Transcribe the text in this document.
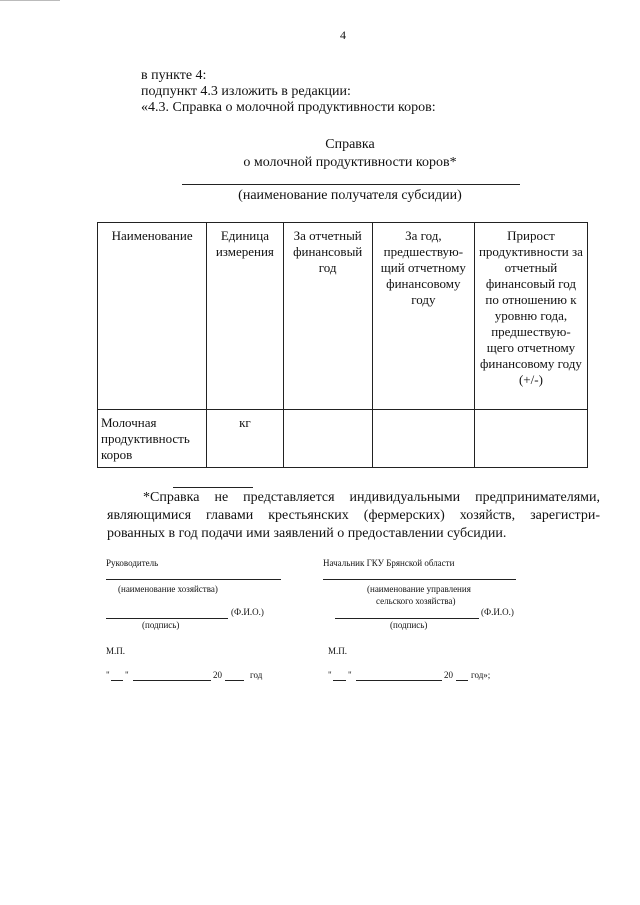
4
в пункте 4:
подпункт 4.3 изложить в редакции:
«4.3. Справка о молочной продуктивности коров:
Справка
о молочной продуктивности коров*
(наименование получателя субсидии)
Наименование	Единица измерения	За отчетный финансовый год	За год, предшествую-щий отчетному финансовому году	Прирост продуктивности за отчетный финансовый год по отношению к уровню года, предшествую-щего отчетному финансовому году (+/-)
Молочная продуктивность коров	кг			
*Справка не представляется индивидуальными предпринимателями, являющимися главами крестьянских (фермерских) хозяйств, зарегистри-рованных в год подачи ими заявлений о предоставлении субсидии.
Руководитель
(наименование хозяйства)
(Ф.И.О.)
(подпись)
М.П.
" "	20	год
Начальник ГКУ Брянской области
(наименование управления
сельского хозяйства)
(Ф.И.О.)
(подпись)
М.П.
" "	20 год»;
